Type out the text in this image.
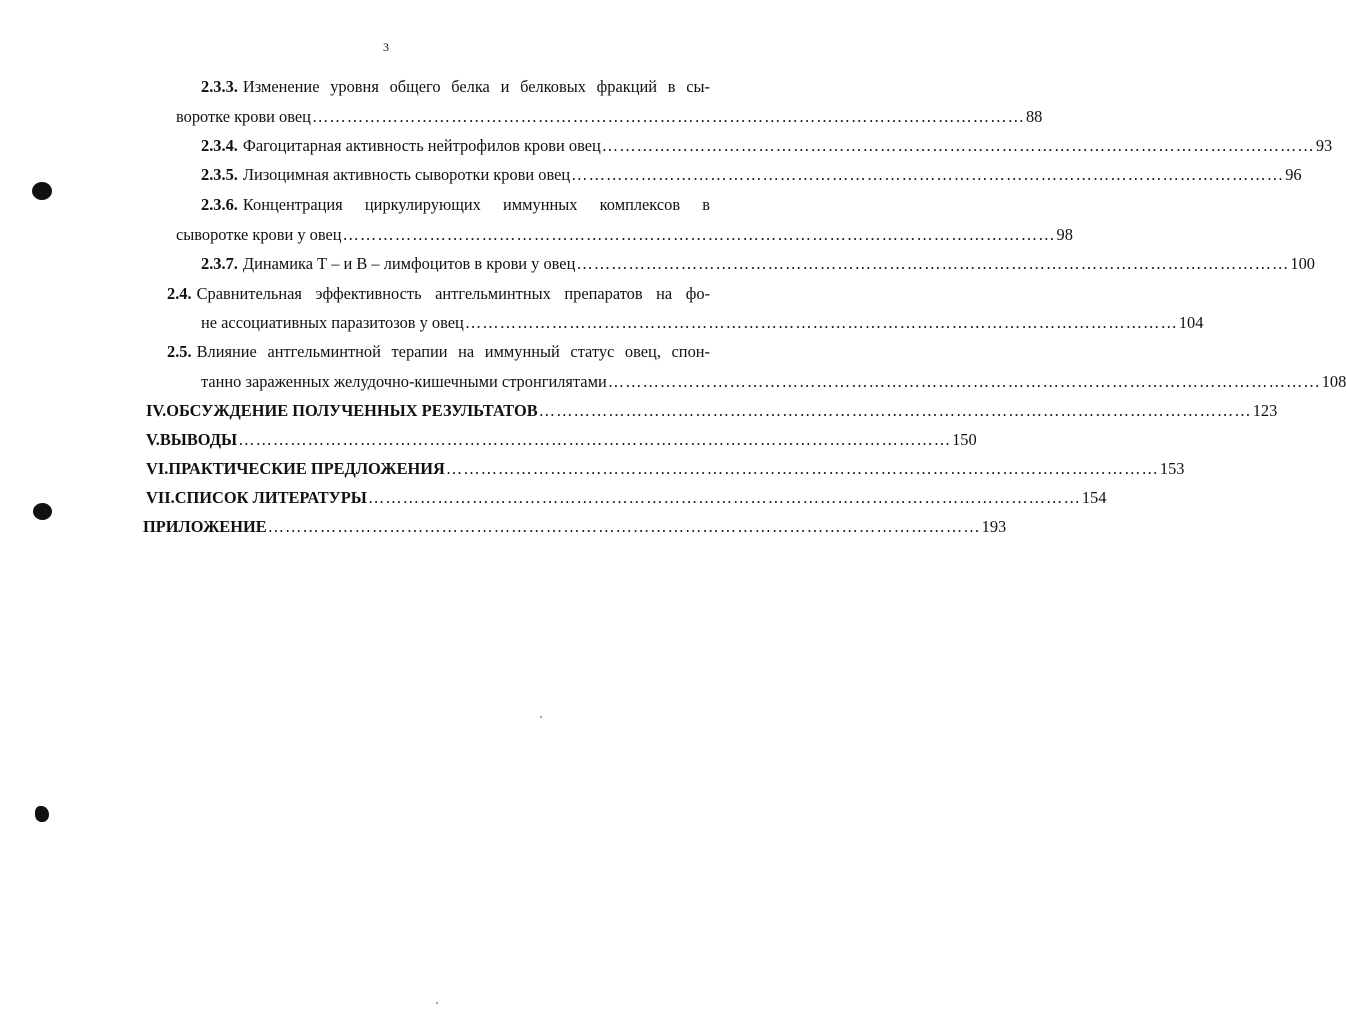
3
2.3.3. Изменение уровня общего белка и белковых фракций в сы-
воротке крови овец …………………………………………………………………………………………………………… 88
2.3.4. Фагоцитарная активность нейтрофилов крови овец …………………………………………………………………………………………………………… 93
2.3.5. Лизоцимная активность сыворотки крови овец …………………………………………………………………………………………………………… 96
2.3.6. Концентрация циркулирующих иммунных комплексов в
сыворотке крови у овец …………………………………………………………………………………………………………… 98
2.3.7. Динамика Т – и В – лимфоцитов в крови у овец …………………………………………………………………………………………………………… 100
2.4. Сравнительная эффективность антгельминтных препаратов на фо-
не ассоциативных паразитозов у овец …………………………………………………………………………………………………………… 104
2.5. Влияние антгельминтной терапии на иммунный статус овец, спон-
танно зараженных желудочно-кишечными стронгилятами …………………………………………………………………………………………………………… 108
IV. ОБСУЖДЕНИЕ ПОЛУЧЕННЫХ РЕЗУЛЬТАТОВ …………………………………………………………………………………………………………… 123
V. ВЫВОДЫ …………………………………………………………………………………………………………… 150
VI. ПРАКТИЧЕСКИЕ ПРЕДЛОЖЕНИЯ …………………………………………………………………………………………………………… 153
VII. СПИСОК ЛИТЕРАТУРЫ …………………………………………………………………………………………………………… 154
ПРИЛОЖЕНИЕ …………………………………………………………………………………………………………… 193
